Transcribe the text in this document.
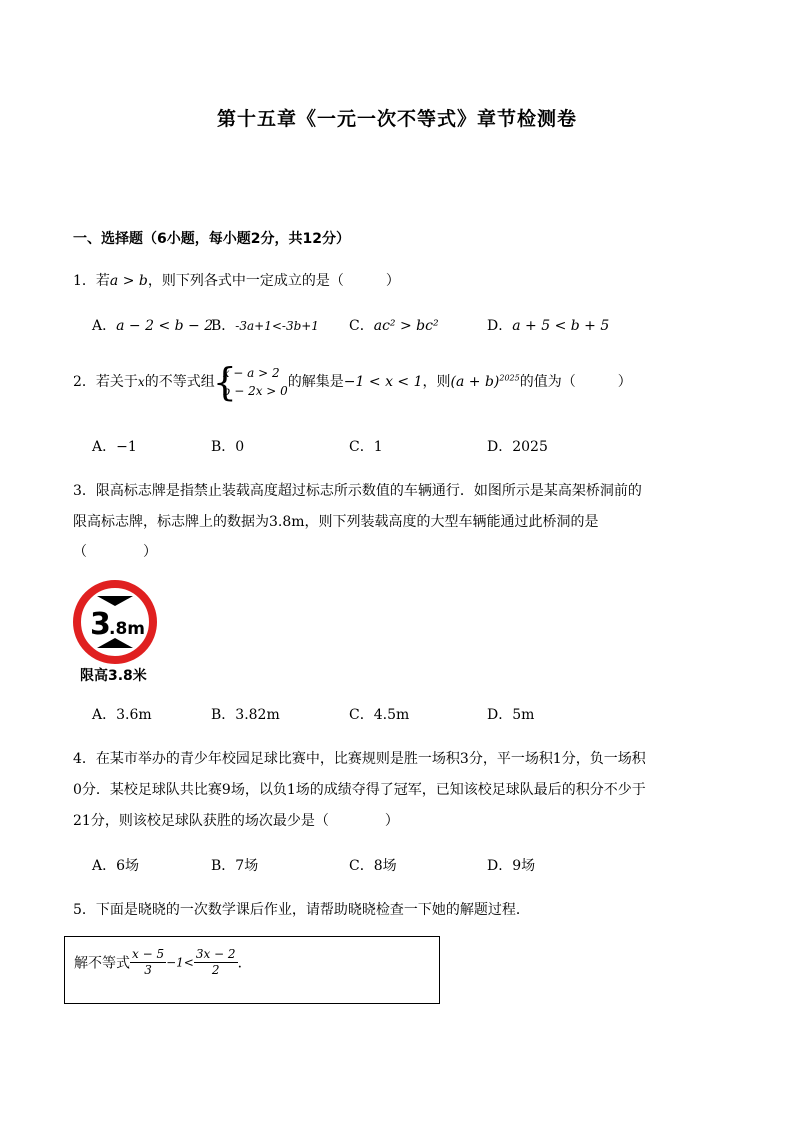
第十五章《一元一次不等式》章节检测卷
一、选择题（6小题，每小题2分，共12分）
1．若a > b，则下列各式中一定成立的是（　　　）
A．a − 2 < b − 2
B．-3a+1<-3b+1 C．ac² > bc²	D．a + 5 < b + 5
2．若关于x的不等式组
{
x − a > 2
b − 2x > 0
的解集是−1 < x < 1，则$(a + b)^{2025}$的值为（　　　）
A．−1	B．0	C．1	D．2025
3．限高标志牌是指禁止装载高度超过标志所示数值的车辆通行．如图所示是某高架桥洞前的
限高标志牌，标志牌上的数据为3.8m，则下列装载高度的大型车辆能通过此桥洞的是
（　　　　）
3
.8m
限高3.8米
A．3.6m	B．3.82m	C．4.5m	D．5m
4．在某市举办的青少年校园足球比赛中，比赛规则是胜一场积3分，平一场积1分，负一场积
0分．某校足球队共比赛9场，以负1场的成绩夺得了冠军，已知该校足球队最后的积分不少于
21分，则该校足球队获胜的场次最少是（　　　　）
A．6场	B．7场	C．8场	D．9场
5．下面是晓晓的一次数学课后作业，请帮助晓晓检查一下她的解题过程．
解不等式 $\frac{x - 5}{3} -1< \frac{3x - 2}{2}$ ．
